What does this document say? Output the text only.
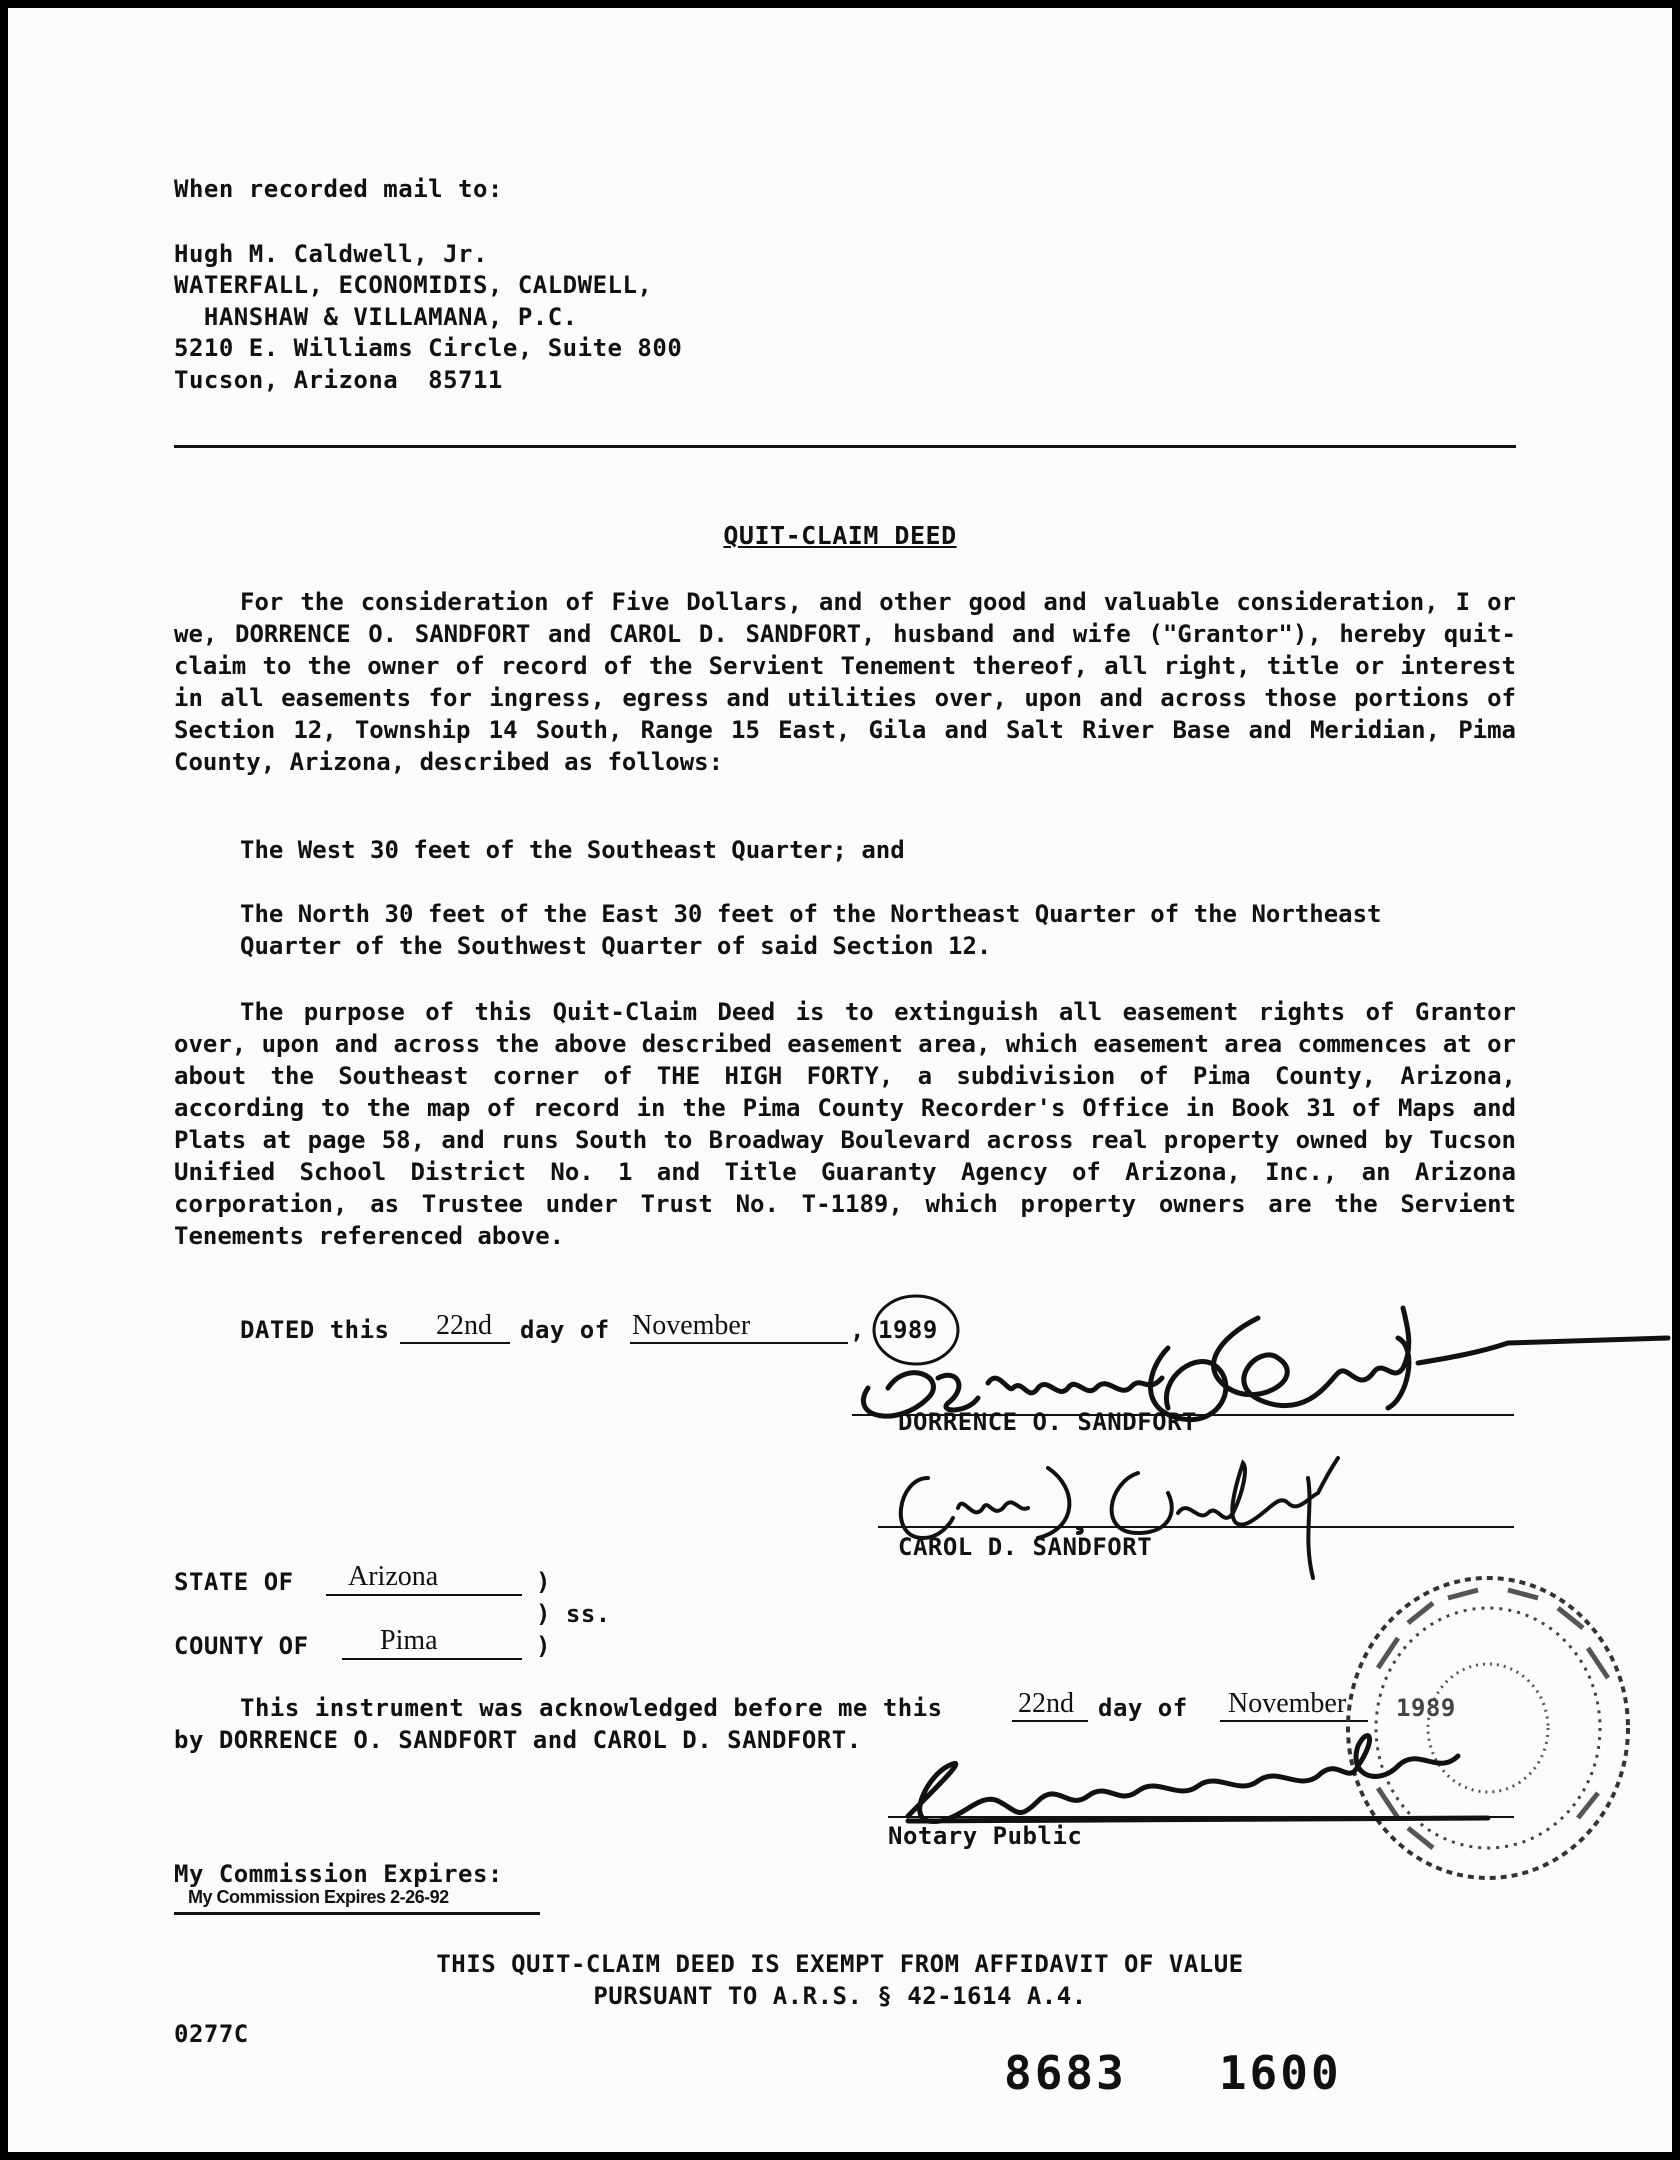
When recorded mail to:
Hugh M. Caldwell, Jr.
WATERFALL, ECONOMIDIS, CALDWELL,
HANSHAW & VILLAMANA, P.C.
5210 E. Williams Circle, Suite 800
Tucson, Arizona  85711
QUIT-CLAIM DEED
For the consideration of Five Dollars, and other good and valuable consideration, I or we, DORRENCE O. SANDFORT and CAROL D. SANDFORT, husband and wife ("Grantor"), hereby quit-claim to the owner of record of the Servient Tenement thereof, all right, title or interest in all easements for ingress, egress and utilities over, upon and across those portions of Section 12, Township 14 South, Range 15 East, Gila and Salt River Base and Meridian, Pima County, Arizona, described as follows:
The West 30 feet of the Southeast Quarter; and
The North 30 feet of the East 30 feet of the Northeast Quarter of the Northeast Quarter of the Southwest Quarter of said Section 12.
The purpose of this Quit-Claim Deed is to extinguish all easement rights of Grantor over, upon and across the above described easement area, which easement area commences at or about the Southeast corner of THE HIGH FORTY, a subdivision of Pima County, Arizona, according to the map of record in the Pima County Recorder's Office in Book 31 of Maps and Plats at page 58, and runs South to Broadway Boulevard across real property owned by Tucson Unified School District No. 1 and Title Guaranty Agency of Arizona, Inc., an Arizona corporation, as Trustee under Trust No. T-1189, which property owners are the Servient Tenements referenced above.
DATED this 22nd day of November	, 1989
DORRENCE O. SANDFORT
CAROL D. SANDFORT
STATE OF Arizona	)
) ss.
COUNTY OF	Pima	)
This instrument was acknowledged before me this	22nd day of November 1989
by DORRENCE O. SANDFORT and CAROL D. SANDFORT.
Notary Public
My Commission Expires:
My Commission Expires 2-26-92
THIS QUIT-CLAIM DEED IS EXEMPT FROM AFFIDAVIT OF VALUE
PURSUANT TO A.R.S. § 42-1614 A.4.
0277C
8683   1600
